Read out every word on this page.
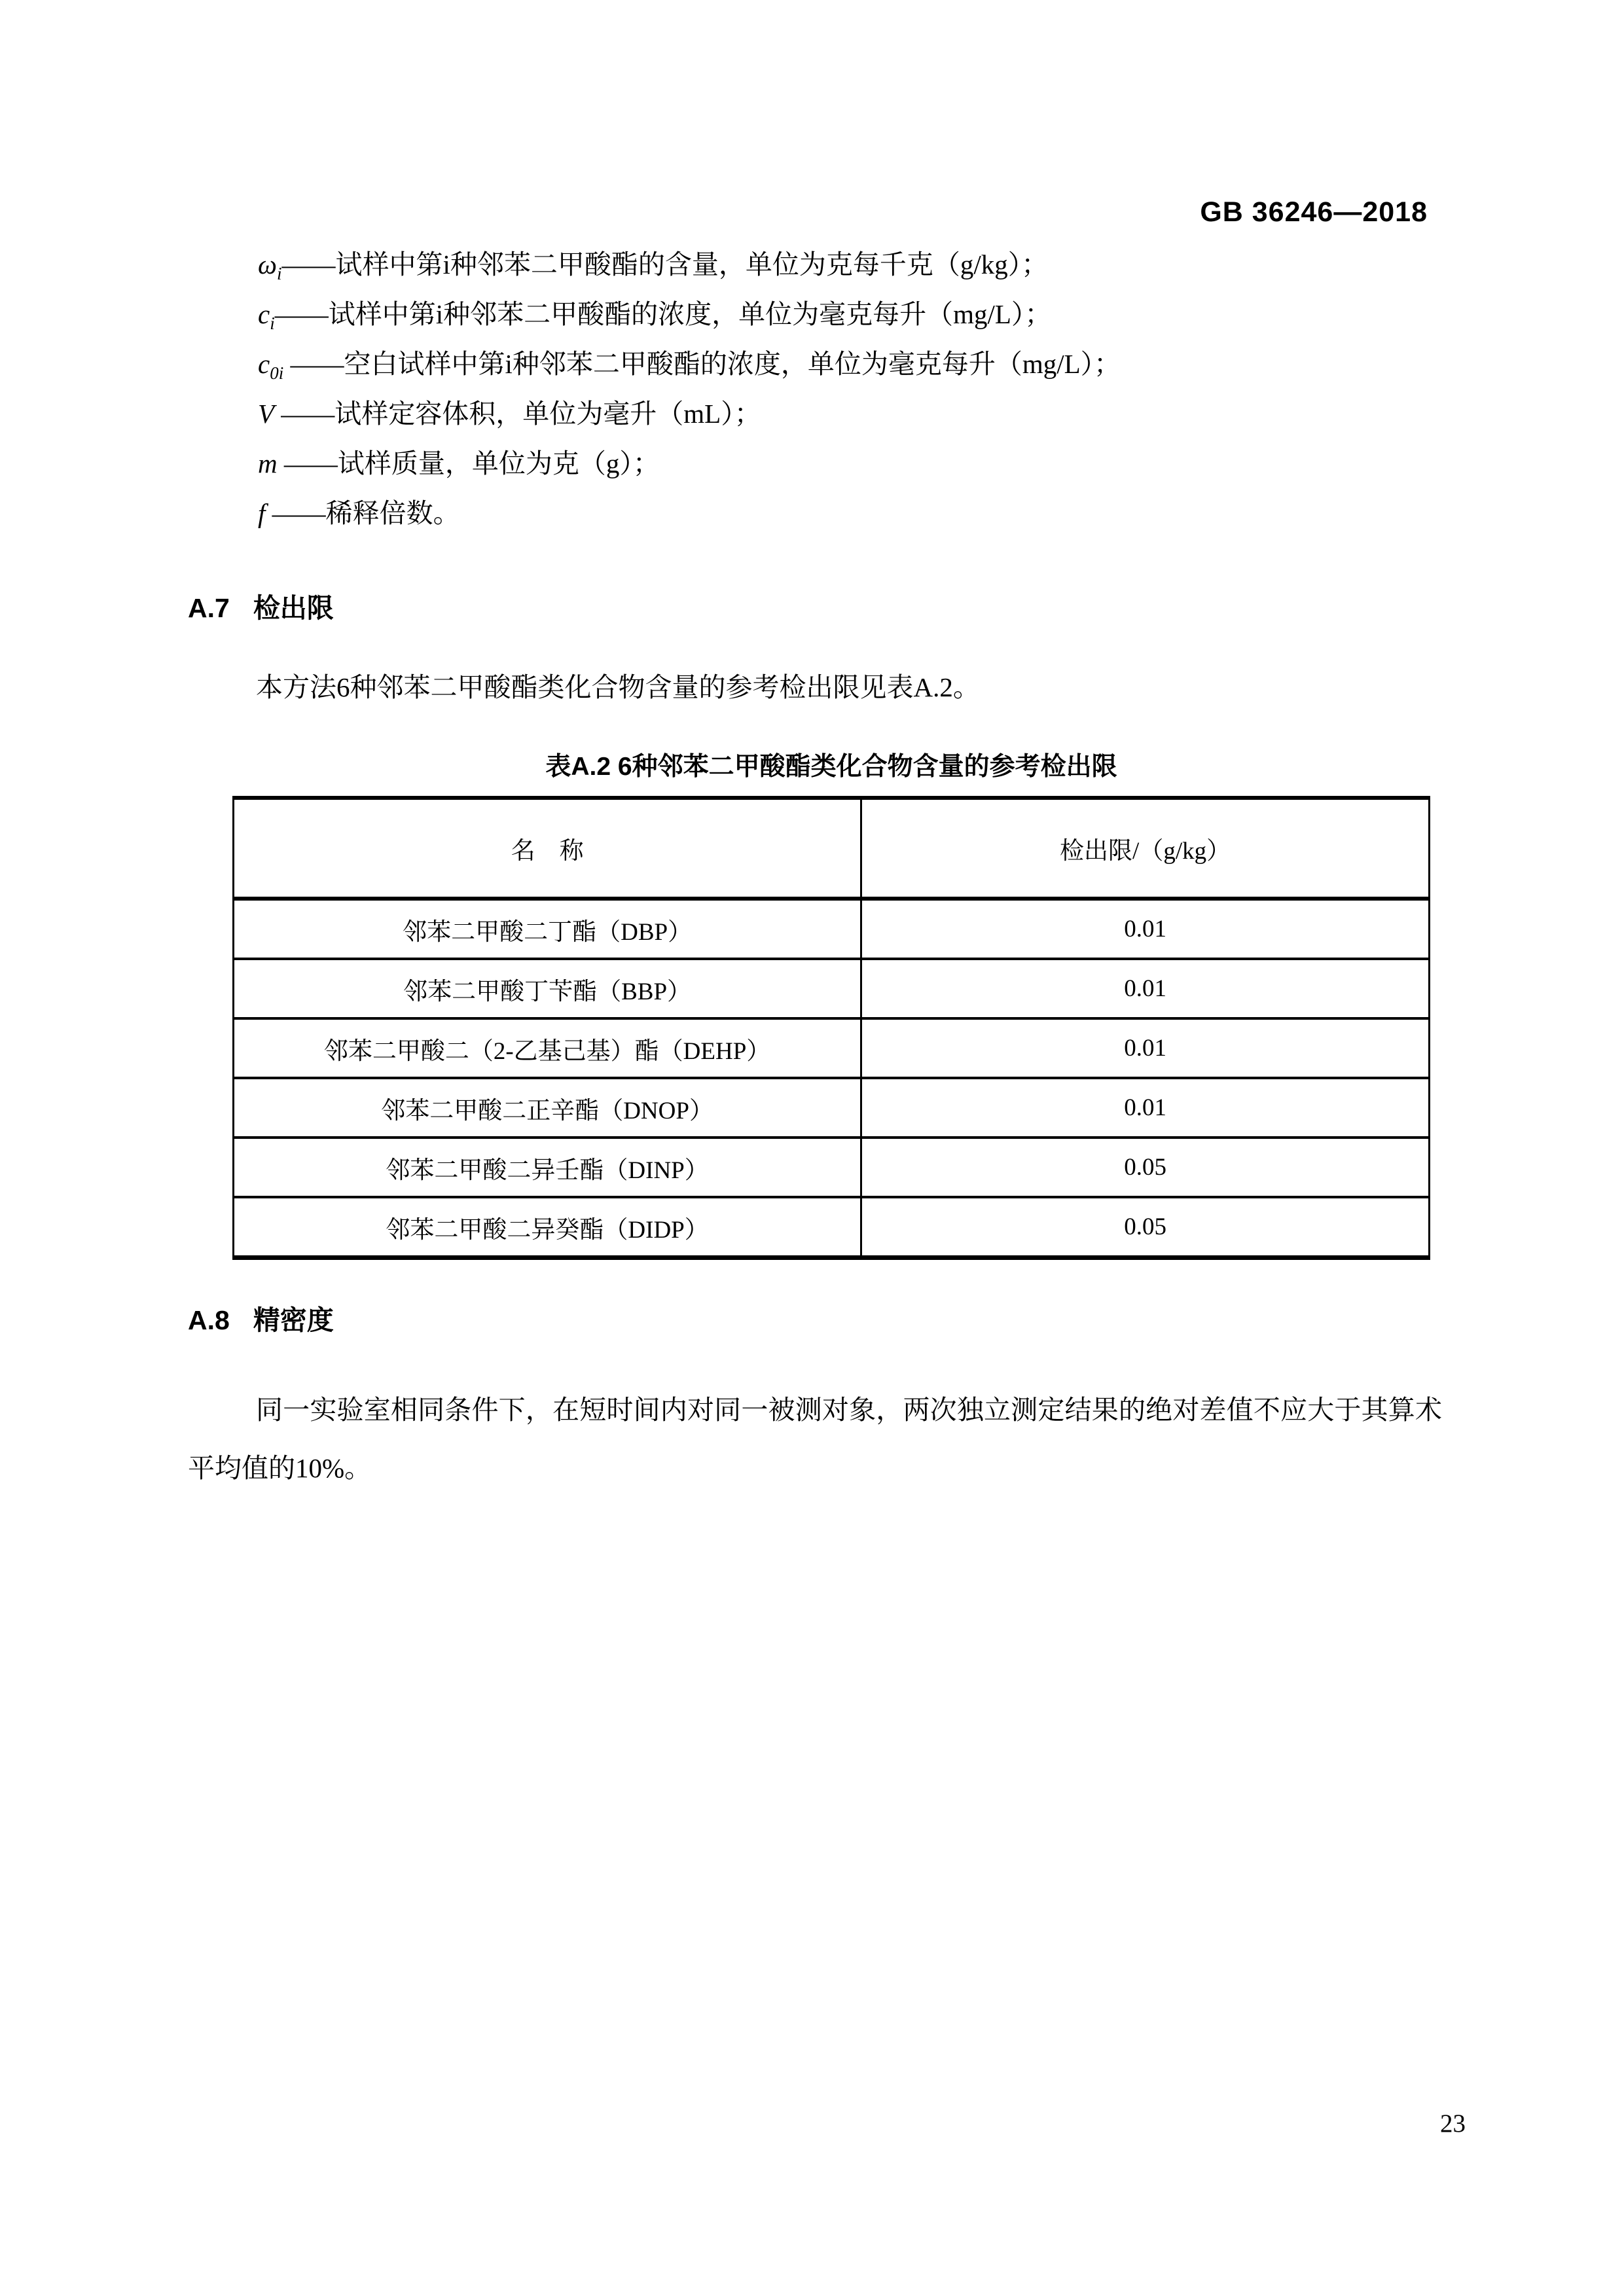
GB 36246—2018
$\omega_i——$试样中第i种邻苯二甲酸酯的含量，单位为克每千克（g/kg）；
$c_i——$试样中第i种邻苯二甲酸酯的浓度，单位为毫克每升（mg/L）；
$c_{0i}$ ——空白试样中第i种邻苯二甲酸酯的浓度，单位为毫克每升（mg/L）；
V ——试样定容体积，单位为毫升（mL）；
m ——试样质量，单位为克（g）；
f ——稀释倍数。
A.7 检出限

本方法6种邻苯二甲酸酯类化合物含量的参考检出限见表A.2。

表A.2 6种邻苯二甲酸酯类化合物含量的参考检出限
名　称	检出限/（g/kg）
邻苯二甲酸二丁酯（DBP）	0.01
邻苯二甲酸丁苄酯（BBP）	0.01
邻苯二甲酸二（2-乙基己基）酯（DEHP）	0.01
邻苯二甲酸二正辛酯（DNOP）	0.01
邻苯二甲酸二异壬酯（DINP）	0.05
邻苯二甲酸二异癸酯（DIDP）	0.05
A.8 精密度

同一实验室相同条件下，在短时间内对同一被测对象，两次独立测定结果的绝对差值不应大于其算术平均值的10%。

23
